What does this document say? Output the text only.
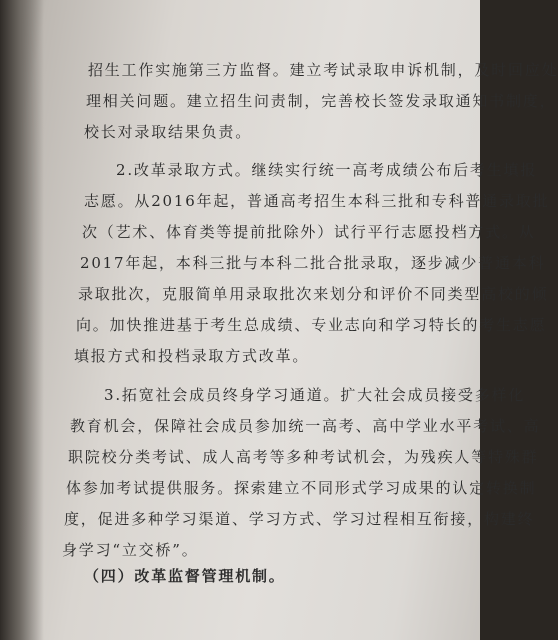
招生工作实施第三方监督。建立考试录取申诉机制，及时回应处
理相关问题。建立招生问责制，完善校长签发录取通知书制度，
校长对录取结果负责。
2.改革录取方式。继续实行统一高考成绩公布后考生填报
志愿。从2016年起，普通高考招生本科三批和专科普通录取批
次（艺术、体育类等提前批除外）试行平行志愿投档方式。从
2017年起，本科三批与本科二批合批录取，逐步减少普通本科
录取批次，克服简单用录取批次来划分和评价不同类型高校的倾
向。加快推进基于考生总成绩、专业志向和学习特长的考生志愿
填报方式和投档录取方式改革。
3.拓宽社会成员终身学习通道。扩大社会成员接受多样化
教育机会，保障社会成员参加统一高考、高中学业水平考试、高
职院校分类考试、成人高考等多种考试机会，为残疾人等特殊群
体参加考试提供服务。探索建立不同形式学习成果的认定转换制
度，促进多种学习渠道、学习方式、学习过程相互衔接，构建终
身学习“立交桥”。
（四）改革监督管理机制。
